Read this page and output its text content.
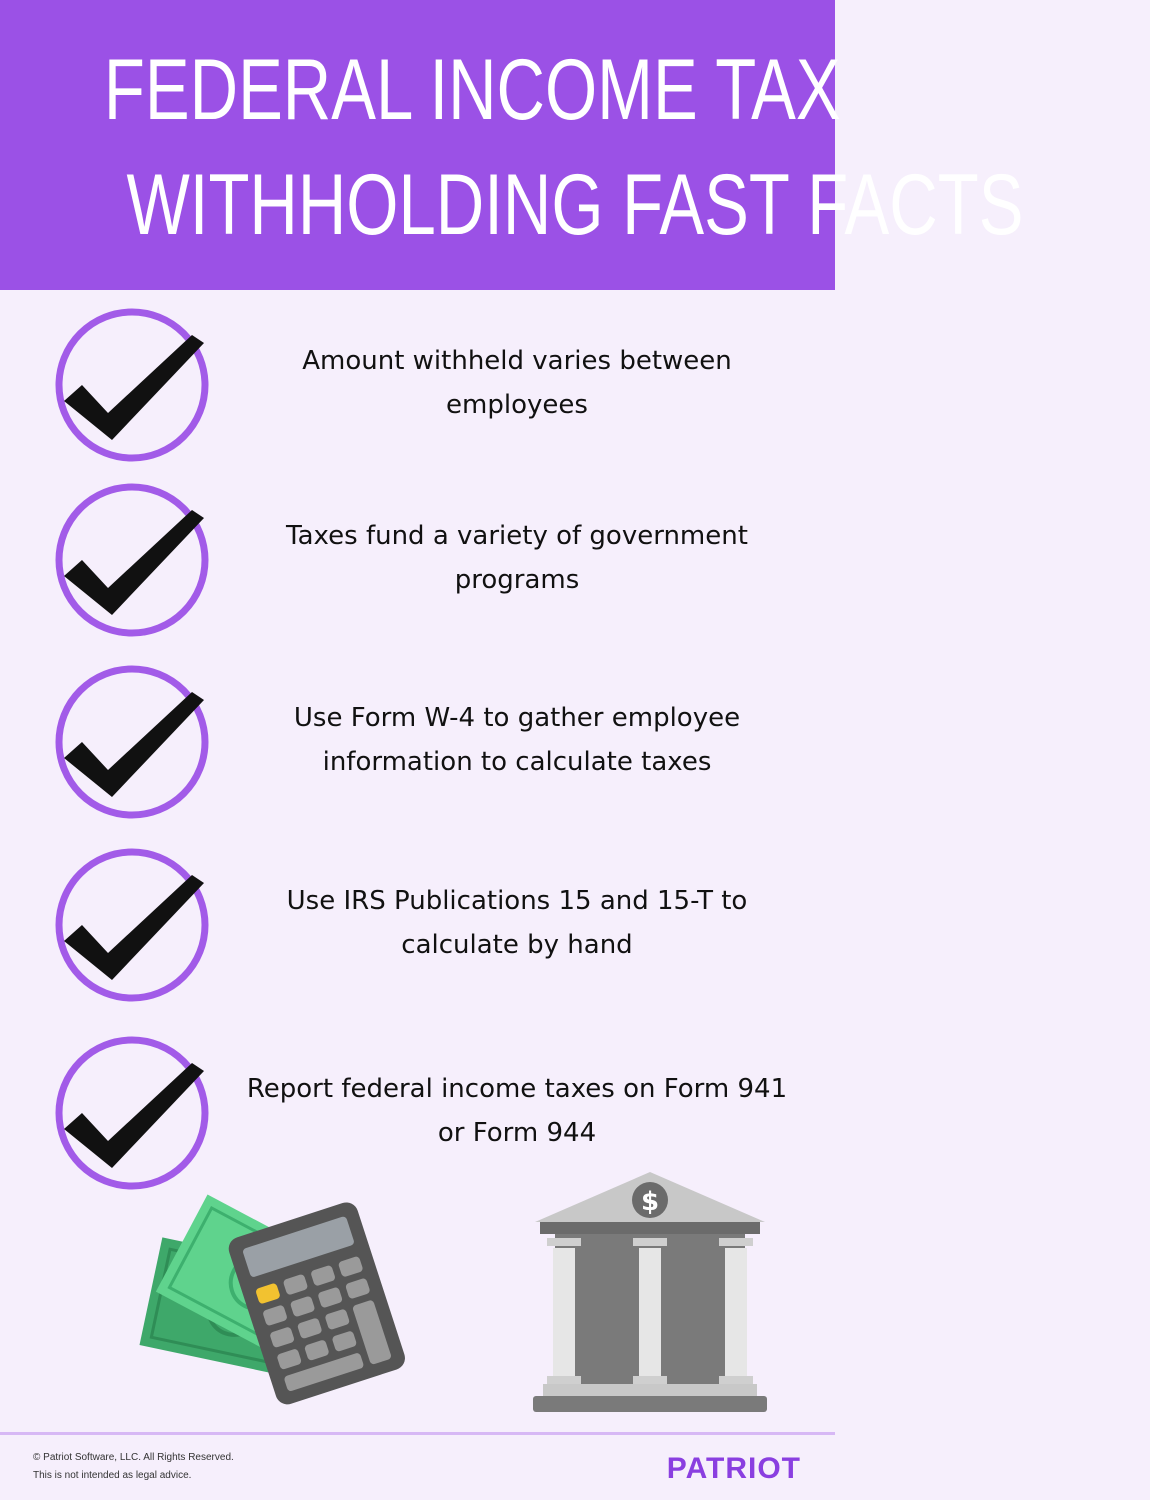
FEDERAL INCOME TAX
WITHHOLDING FAST FACTS
Amount withheld varies between employees
Taxes fund a variety of government programs
Use Form W-4 to gather employee information to calculate taxes
Use IRS Publications 15 and 15-T to calculate by hand
Report federal income taxes on Form 941 or Form 944
$
© Patriot Software, LLC. All Rights Reserved.
This is not intended as legal advice.	PATRIOT
